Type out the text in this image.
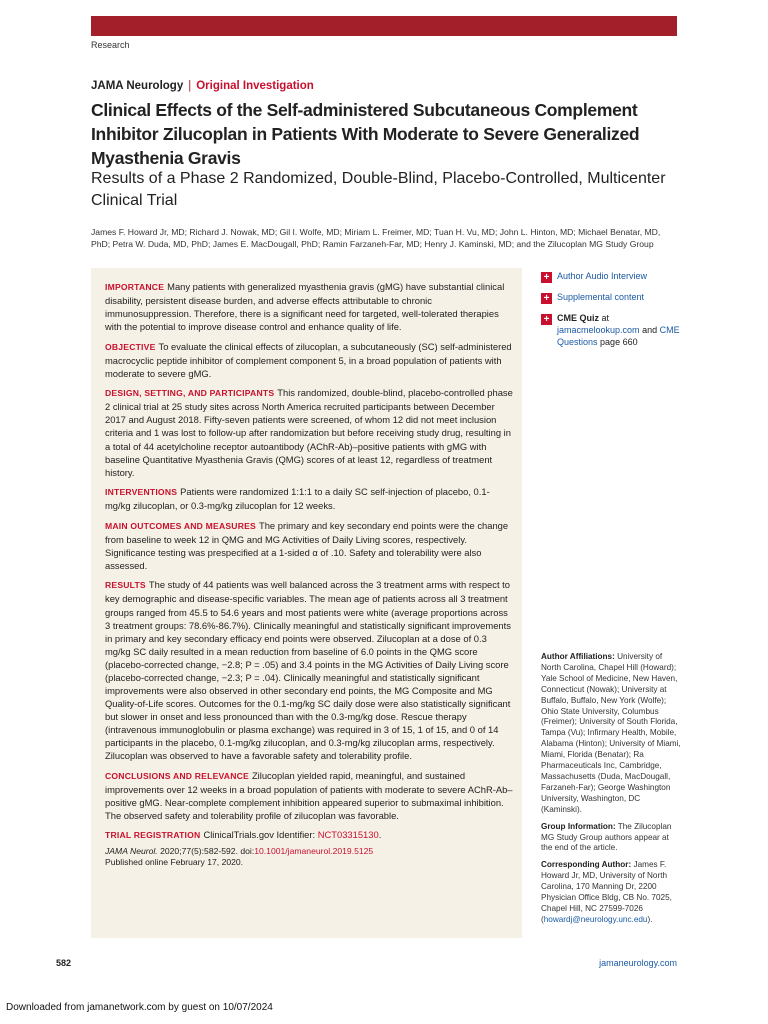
Research
JAMA Neurology | Original Investigation
Clinical Effects of the Self-administered Subcutaneous Complement Inhibitor Zilucoplan in Patients With Moderate to Severe Generalized Myasthenia Gravis
Results of a Phase 2 Randomized, Double-Blind, Placebo-Controlled, Multicenter Clinical Trial
James F. Howard Jr, MD; Richard J. Nowak, MD; Gil I. Wolfe, MD; Miriam L. Freimer, MD; Tuan H. Vu, MD; John L. Hinton, MD; Michael Benatar, MD, PhD; Petra W. Duda, MD, PhD; James E. MacDougall, PhD; Ramin Farzaneh-Far, MD; Henry J. Kaminski, MD; and the Zilucoplan MG Study Group

IMPORTANCE Many patients with generalized myasthenia gravis (gMG) have substantial clinical disability, persistent disease burden, and adverse effects attributable to chronic immunosuppression. Therefore, there is a significant need for targeted, well-tolerated therapies with the potential to improve disease control and enhance quality of life.

OBJECTIVE To evaluate the clinical effects of zilucoplan, a subcutaneously (SC) self-administered macrocyclic peptide inhibitor of complement component 5, in a broad population of patients with moderate to severe gMG.

DESIGN, SETTING, AND PARTICIPANTS This randomized, double-blind, placebo-controlled phase 2 clinical trial at 25 study sites across North America recruited participants between December 2017 and August 2018. Fifty-seven patients were screened, of whom 12 did not meet inclusion criteria and 1 was lost to follow-up after randomization but before receiving study drug, resulting in a total of 44 acetylcholine receptor autoantibody (AChR-Ab)–positive patients with gMG with baseline Quantitative Myasthenia Gravis (QMG) scores of at least 12, regardless of treatment history.

INTERVENTIONS Patients were randomized 1:1:1 to a daily SC self-injection of placebo, 0.1-mg/kg zilucoplan, or 0.3-mg/kg zilucoplan for 12 weeks.

MAIN OUTCOMES AND MEASURES The primary and key secondary end points were the change from baseline to week 12 in QMG and MG Activities of Daily Living scores, respectively. Significance testing was prespecified at a 1-sided α of .10. Safety and tolerability were also assessed.

RESULTS The study of 44 patients was well balanced across the 3 treatment arms with respect to key demographic and disease-specific variables. The mean age of patients across all 3 treatment groups ranged from 45.5 to 54.6 years and most patients were white (average proportions across 3 treatment groups: 78.6%-86.7%). Clinically meaningful and statistically significant improvements in primary and key secondary efficacy end points were observed. Zilucoplan at a dose of 0.3 mg/kg SC daily resulted in a mean reduction from baseline of 6.0 points in the QMG score (placebo-corrected change, −2.8; P = .05) and 3.4 points in the MG Activities of Daily Living score (placebo-corrected change, −2.3; P = .04). Clinically meaningful and statistically significant improvements were also observed in other secondary end points, the MG Composite and MG Quality-of-Life scores. Outcomes for the 0.1-mg/kg SC daily dose were also statistically significant but slower in onset and less pronounced than with the 0.3-mg/kg dose. Rescue therapy (intravenous immunoglobulin or plasma exchange) was required in 3 of 15, 1 of 15, and 0 of 14 participants in the placebo, 0.1-mg/kg zilucoplan, and 0.3-mg/kg zilucoplan arms, respectively. Zilucoplan was observed to have a favorable safety and tolerability profile.

CONCLUSIONS AND RELEVANCE Zilucoplan yielded rapid, meaningful, and sustained improvements over 12 weeks in a broad population of patients with moderate to severe AChR-Ab–positive gMG. Near-complete complement inhibition appeared superior to submaximal inhibition. The observed safety and tolerability profile of zilucoplan was favorable.

TRIAL REGISTRATION ClinicalTrials.gov Identifier: NCT03315130.

JAMA Neurol. 2020;77(5):582-592. doi:10.1001/jamaneurol.2019.5125
Published online February 17, 2020.

+ Author Audio Interview
+ Supplemental content
+ CME Quiz at
jamacmelookup.com and CME Questions page 660

Author Affiliations: University of North Carolina, Chapel Hill (Howard); Yale School of Medicine, New Haven, Connecticut (Nowak); University at Buffalo, Buffalo, New York (Wolfe); Ohio State University, Columbus (Freimer); University of South Florida, Tampa (Vu); Infirmary Health, Mobile, Alabama (Hinton); University of Miami, Miami, Florida (Benatar); Ra Pharmaceuticals Inc, Cambridge, Massachusetts (Duda, MacDougall, Farzaneh-Far); George Washington University, Washington, DC (Kaminski).

Group Information: The Zilucoplan MG Study Group authors appear at the end of the article.

Corresponding Author: James F. Howard Jr, MD, University of North Carolina, 170 Manning Dr, 2200 Physician Office Bldg, CB No. 7025, Chapel Hill, NC 27599-7026 (howardj@neurology.unc.edu).

582	jamaneurology.com
Downloaded from jamanetwork.com by guest on 10/07/2024
